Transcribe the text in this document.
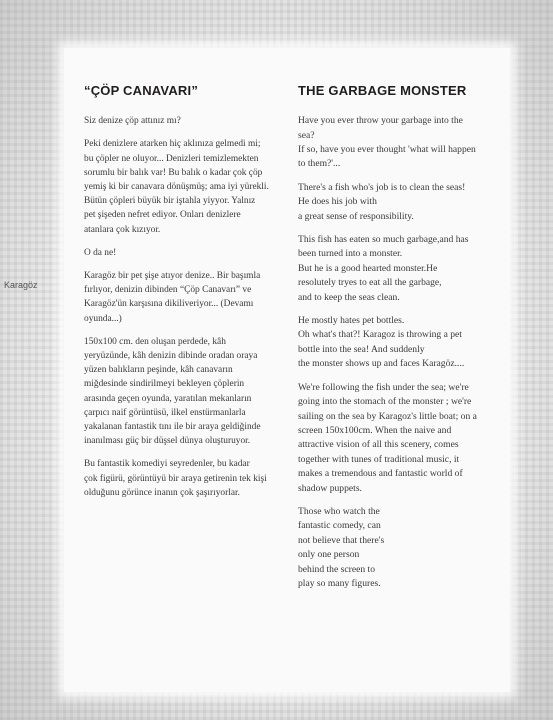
Karagöz
“ÇÖP CANAVARI”
Siz denize çöp attınız mı?
Peki denizlere atarken hiç aklınıza gelmedi mi;
bu çöpler ne oluyor... Denizleri temizlemekten
sorumlu bir balık var! Bu balık o kadar çok çöp
yemiş ki bir canavara dönüşmüş; ama iyi yürekli.
Bütün çöpleri büyük bir iştahla yiyyor. Yalnız
pet şişeden nefret ediyor. Onları denizlere
atanlara çok kızıyor.
O da ne!
Karagöz bir pet şişe atıyor denize.. Bir başımla
fırlıyor, denizin dibinden “Çöp Canavarı” ve
Karagöz'ün karşısına dikiliveriyor... (Devamı
oyunda...)
150x100 cm. den oluşan perdede, kâh
yeryüzünde, kâh denizin dibinde oradan oraya
yüzen balıkların peşinde, kâh canavarın
miğdesinde sindirilmeyi bekleyen çöplerin
arasında geçen oyunda, yaratılan mekanların
çarpıcı naif görüntüsü, ilkel enstürmanlarla
yakalanan fantastik tını ile bir araya geldiğinde
inanılması güç bir düşsel dünya oluşturuyor.
Bu fantastik komediyi seyredenler, bu kadar
çok figürü, görüntüyü bir araya getirenin tek kişi
olduğunu görünce inanın çok şaşırıyorlar.
THE GARBAGE MONSTER
Have you ever throw your garbage into the
sea?
If so, have you ever thought 'what will happen
to them?'...
There's a fish who's job is to clean the seas!
He does his job with
a great sense of responsibility.
This fish has eaten so much garbage,and has
been turned into a monster.
But he is a good hearted monster.He
resolutely tryes to eat all the garbage,
and to keep the seas clean.
He mostly hates pet bottles.
Oh what's that?! Karagoz is throwing a pet
bottle into the sea! And suddenly
the monster shows up and faces Karagöz....
We're following the fish under the sea; we're
going into the stomach of the monster ; we're
sailing on the sea by Karagoz's little boat; on a
screen 150x100cm. When the naive and
attractive vision of all this scenery, comes
together with tunes of traditional music, it
makes a tremendous and fantastic world of
shadow puppets.
Those who watch the
fantastic comedy, can
not believe that there's
only one person
behind the screen to
play so many figures.
